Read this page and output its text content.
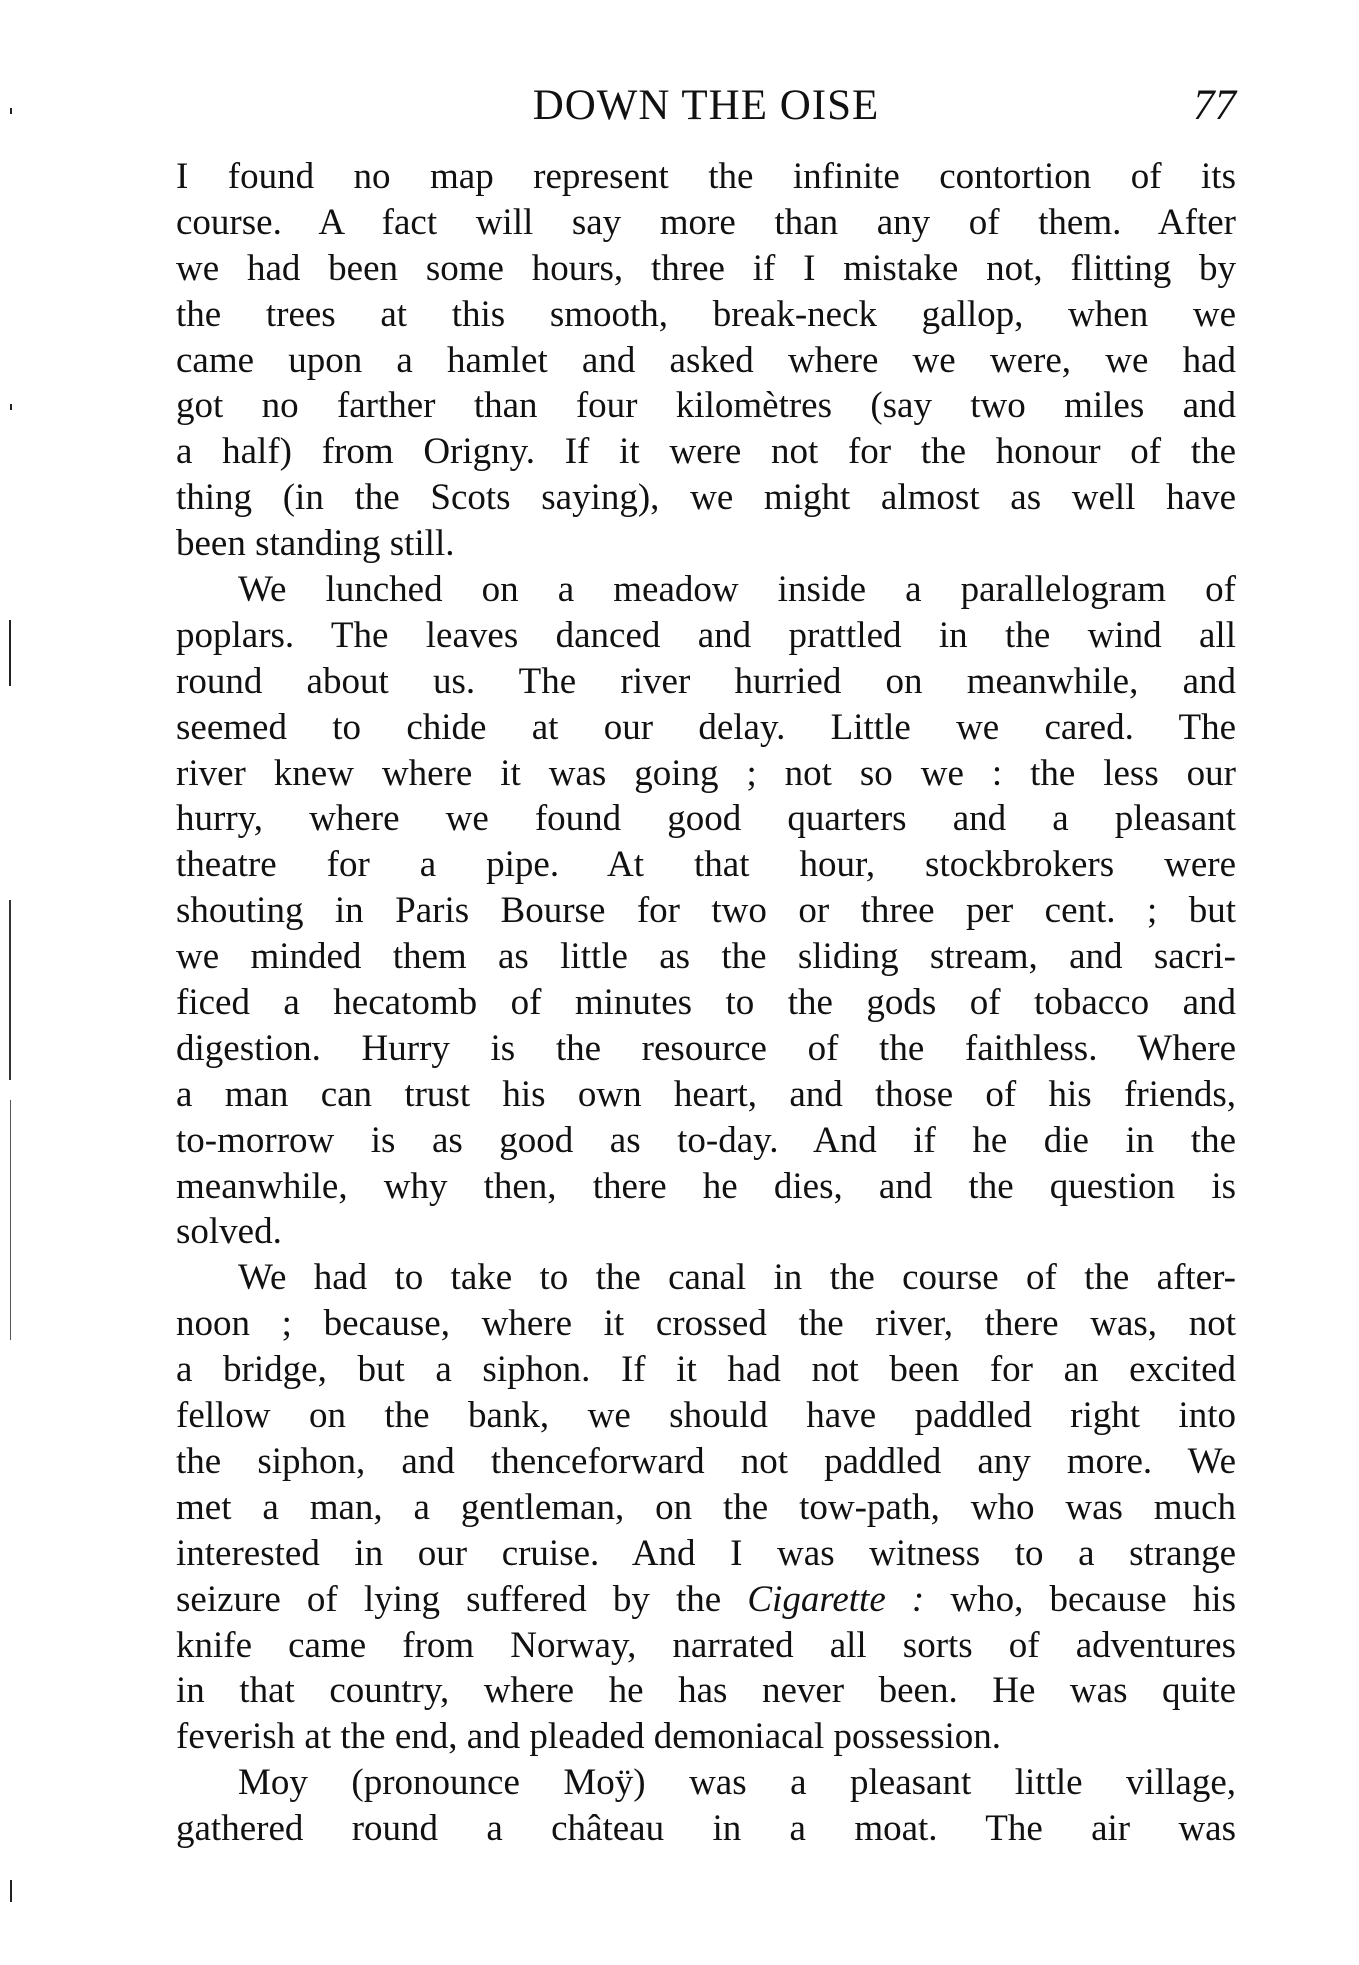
DOWN THE OISE	77
I found no map represent the infinite contortion of its
course. A fact will say more than any of them. After
we had been some hours, three if I mistake not, flitting by
the trees at this smooth, break-neck gallop, when we
came upon a hamlet and asked where we were, we had
got no farther than four kilomètres (say two miles and
a half) from Origny. If it were not for the honour of the
thing (in the Scots saying), we might almost as well have
been standing still.
We lunched on a meadow inside a parallelogram of
poplars. The leaves danced and prattled in the wind all
round about us. The river hurried on meanwhile, and
seemed to chide at our delay. Little we cared. The
river knew where it was going ; not so we : the less our
hurry, where we found good quarters and a pleasant
theatre for a pipe. At that hour, stockbrokers were
shouting in Paris Bourse for two or three per cent. ; but
we minded them as little as the sliding stream, and sacri-
ficed a hecatomb of minutes to the gods of tobacco and
digestion. Hurry is the resource of the faithless. Where
a man can trust his own heart, and those of his friends,
to-morrow is as good as to-day. And if he die in the
meanwhile, why then, there he dies, and the question is
solved.
We had to take to the canal in the course of the after-
noon ; because, where it crossed the river, there was, not
a bridge, but a siphon. If it had not been for an excited
fellow on the bank, we should have paddled right into
the siphon, and thenceforward not paddled any more. We
met a man, a gentleman, on the tow-path, who was much
interested in our cruise. And I was witness to a strange
seizure of lying suffered by the Cigarette : who, because his
knife came from Norway, narrated all sorts of adventures
in that country, where he has never been. He was quite
feverish at the end, and pleaded demoniacal possession.
Moy (pronounce Moÿ) was a pleasant little village,
gathered round a château in a moat. The air was
